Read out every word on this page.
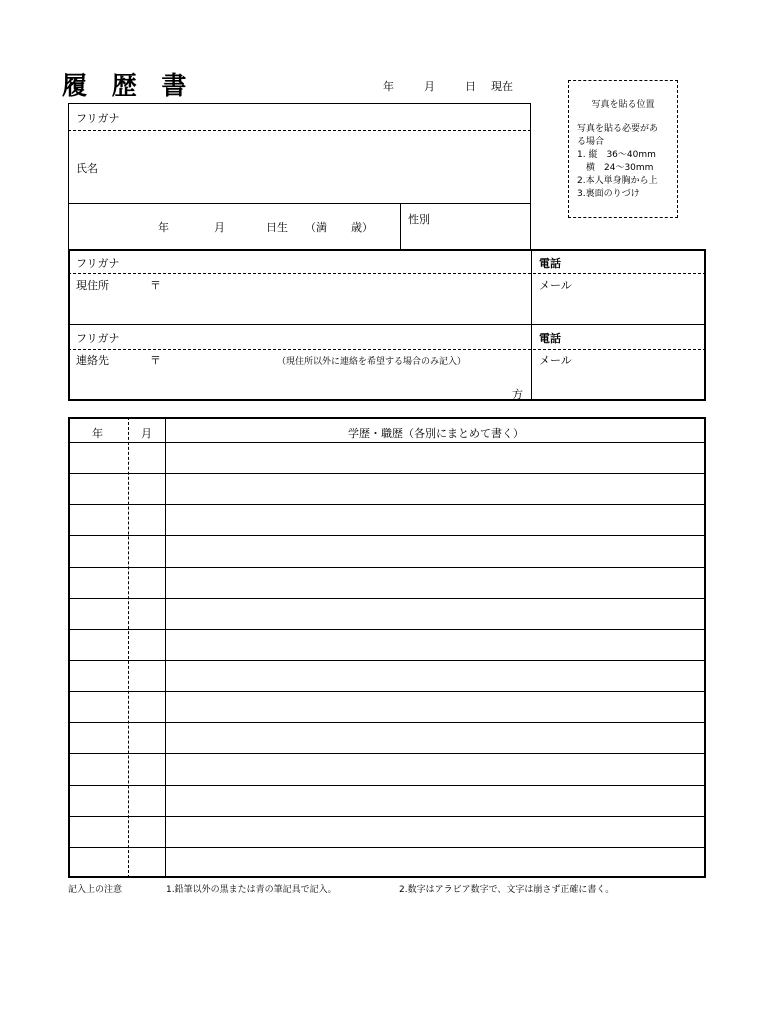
履 歴 書	年	月	日 現在
写真を貼る位置
写真を貼る必要があ
る場合
1. 縦　36〜40mm
　横　24〜30mm
2.本人単身胸から上
3.裏面のりづけ
フリガナ
氏名
年	月	日生 （満 歳）
性別
フリガナ
現住所	〒
電話
メール
フリガナ
連絡先	〒	（現住所以外に連絡を希望する場合のみ記入）
方
電話
メール
年	月	学歴・職歴（各別にまとめて書く）
記入上の注意	1.鉛筆以外の黒または青の筆記具で記入。	2.数字はアラビア数字で、文字は崩さず正確に書く。
